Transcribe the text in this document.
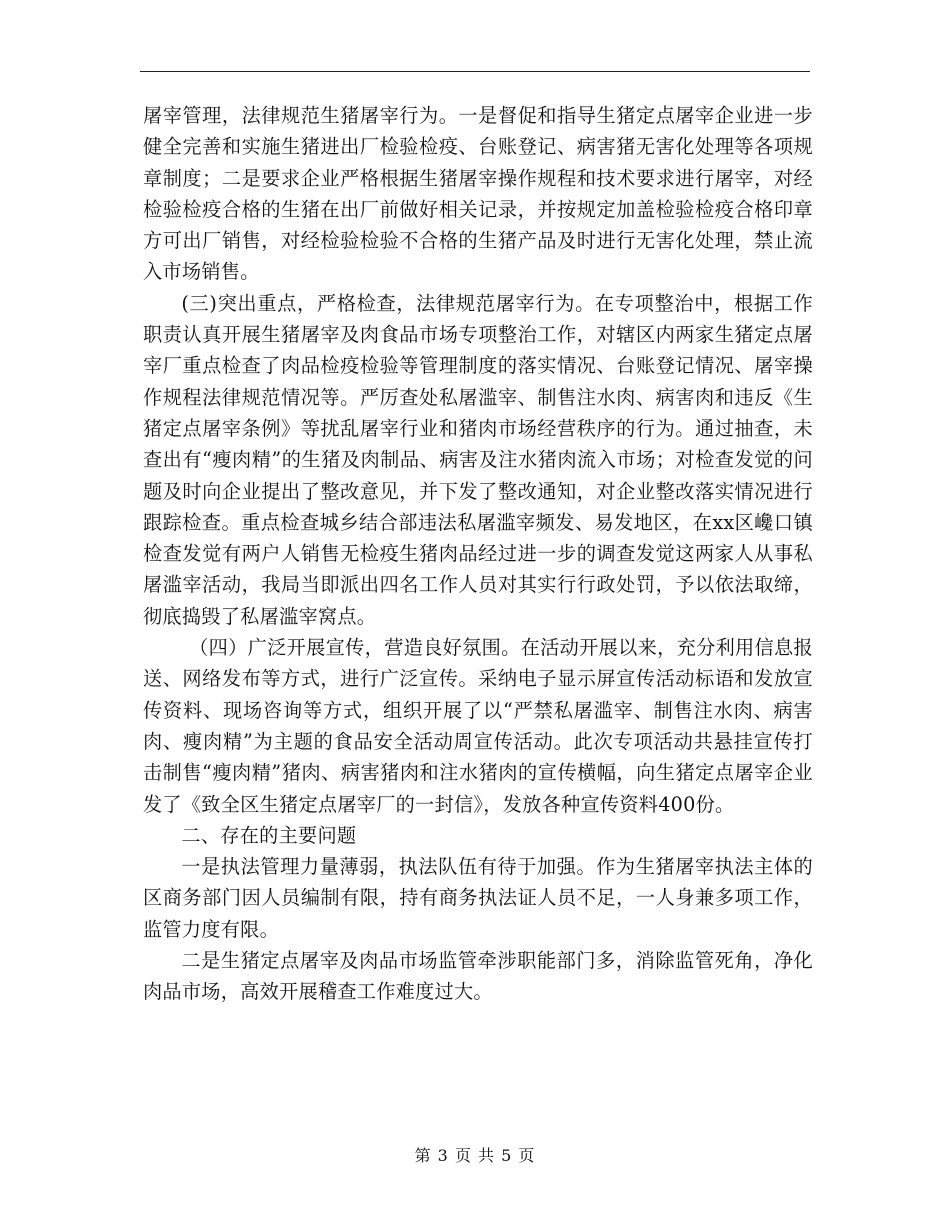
屠宰管理，法律规范生猪屠宰行为。一是督促和指导生猪定点屠宰企业进一步健全完善和实施生猪进出厂检验检疫、台账登记、病害猪无害化处理等各项规章制度；二是要求企业严格根据生猪屠宰操作规程和技术要求进行屠宰，对经检验检疫合格的生猪在出厂前做好相关记录，并按规定加盖检验检疫合格印章方可出厂销售，对经检验检验不合格的生猪产品及时进行无害化处理，禁止流入市场销售。

(三)突出重点，严格检查，法律规范屠宰行为。在专项整治中，根据工作职责认真开展生猪屠宰及肉食品市场专项整治工作，对辖区内两家生猪定点屠宰厂重点检查了肉品检疫检验等管理制度的落实情况、台账登记情况、屠宰操作规程法律规范情况等。严厉查处私屠滥宰、制售注水肉、病害肉和违反《生猪定点屠宰条例》等扰乱屠宰行业和猪肉市场经营秩序的行为。通过抽查，未查出有“瘦肉精”的生猪及肉制品、病害及注水猪肉流入市场；对检查发觉的问题及时向企业提出了整改意见，并下发了整改通知，对企业整改落实情况进行跟踪检查。重点检查城乡结合部违法私屠滥宰频发、易发地区，在xx区巉口镇检查发觉有两户人销售无检疫生猪肉品经过进一步的调查发觉这两家人从事私屠滥宰活动，我局当即派出四名工作人员对其实行行政处罚，予以依法取缔，彻底捣毁了私屠滥宰窝点。

（四）广泛开展宣传，营造良好氛围。在活动开展以来，充分利用信息报送、网络发布等方式，进行广泛宣传。采纳电子显示屏宣传活动标语和发放宣传资料、现场咨询等方式，组织开展了以“严禁私屠滥宰、制售注水肉、病害肉、瘦肉精”为主题的食品安全活动周宣传活动。此次专项活动共悬挂宣传打击制售“瘦肉精”猪肉、病害猪肉和注水猪肉的宣传横幅，向生猪定点屠宰企业发了《致全区生猪定点屠宰厂的一封信》，发放各种宣传资料400份。

二、存在的主要问题

一是执法管理力量薄弱，执法队伍有待于加强。作为生猪屠宰执法主体的区商务部门因人员编制有限，持有商务执法证人员不足，一人身兼多项工作，监管力度有限。

二是生猪定点屠宰及肉品市场监管牵涉职能部门多，消除监管死角，净化肉品市场，高效开展稽查工作难度过大。

第 3 页 共 5 页
